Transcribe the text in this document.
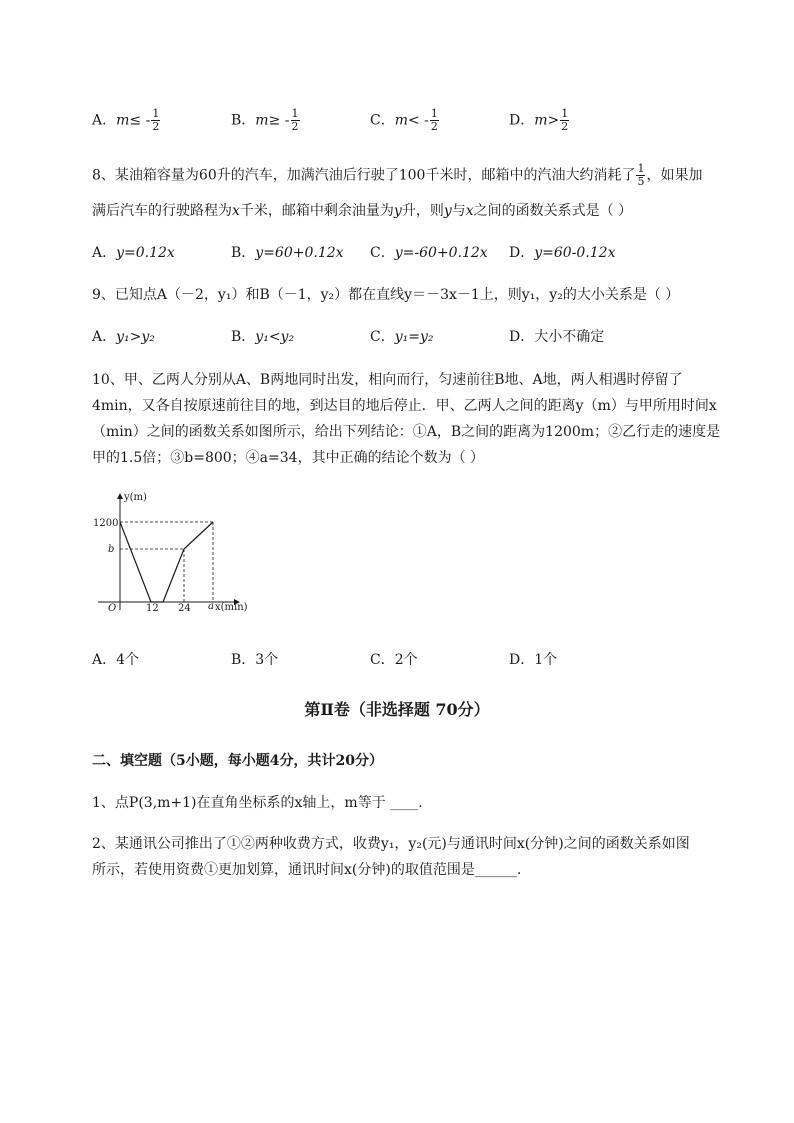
A．$m\le - \frac{1}{2}$	B．$m\ge - \frac{1}{2}$	C．$m< - \frac{1}{2}$	D．$m> \frac{1}{2}$
8、某油箱容量为60升的汽车，加满汽油后行驶了100千米时，邮箱中的汽油大约消耗了 $\frac{1}{5}$ ，如果加
满后汽车的行驶路程为x千米，邮箱中剩余油量为y升，则y与x之间的函数关系式是（ ）
A．y=0.12x	B．y=60+0.12x C．y=-60+0.12x D．y=60-0.12x
9、已知点A（－2，y₁）和B（－1，y₂）都在直线y＝－3x－1上，则y₁，y₂的大小关系是（ ）
A．y₁>y₂	B．y₁<y₂	C．y₁=y₂	D．大小不确定
10、甲、乙两人分别从A、B两地同时出发，相向而行，匀速前往B地、A地，两人相遇时停留了
4min，又各自按原速前往目的地，到达目的地后停止．甲、乙两人之间的距离y（m）与甲所用时间x
（min）之间的函数关系如图所示，给出下列结论：①A，B之间的距离为1200m；②乙行走的速度是
甲的1.5倍；③b=800；④a=34，其中正确的结论个数为（ ）
y(m)
x(min)
O
1200
b
12 24 a
A．4个	B．3个	C．2个	D．1个
第Ⅱ卷（非选择题 70分）
二、填空题（5小题，每小题4分，共计20分）
1、点P(3,m+1)在直角坐标系的x轴上，m等于 ____.
2、某通讯公司推出了①②两种收费方式，收费y₁，y₂(元)与通讯时间x(分钟)之间的函数关系如图
所示，若使用资费①更加划算，通讯时间x(分钟)的取值范围是______.
